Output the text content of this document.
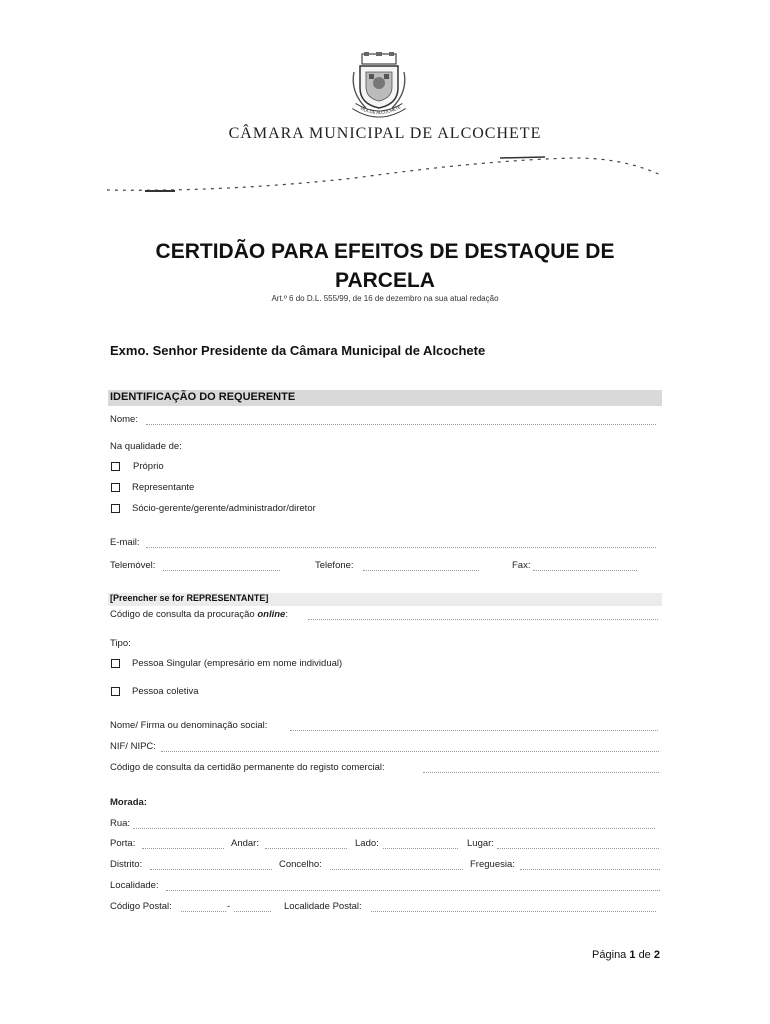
VILA DE ALCOCHETE
CÂMARA MUNICIPAL DE ALCOCHETE
CERTIDÃO PARA EFEITOS DE DESTAQUE DE PARCELA
Art.º 6 do D.L. 555/99, de 16 de dezembro na sua atual redação
Exmo. Senhor Presidente da Câmara Municipal de Alcochete
IDENTIFICAÇÃO DO REQUERENTE
Nome:
Na qualidade de:
Próprio
Representante
Sócio-gerente/gerente/administrador/diretor
E-mail:
Telemóvel:	Telefone:	Fax:
[Preencher se for REPRESENTANTE]
Código de consulta da procuração online:
Tipo:
Pessoa Singular (empresário em nome individual)
Pessoa coletiva
Nome/ Firma ou denominação social:
NIF/ NIPC:
Código de consulta da certidão permanente do registo comercial:
Morada:
Rua:
Porta:	Andar:	Lado:	Lugar:
Distrito:	Concelho:	Freguesia:
Localidade:
Código Postal:	-	Localidade Postal:
Página 1 de 2
